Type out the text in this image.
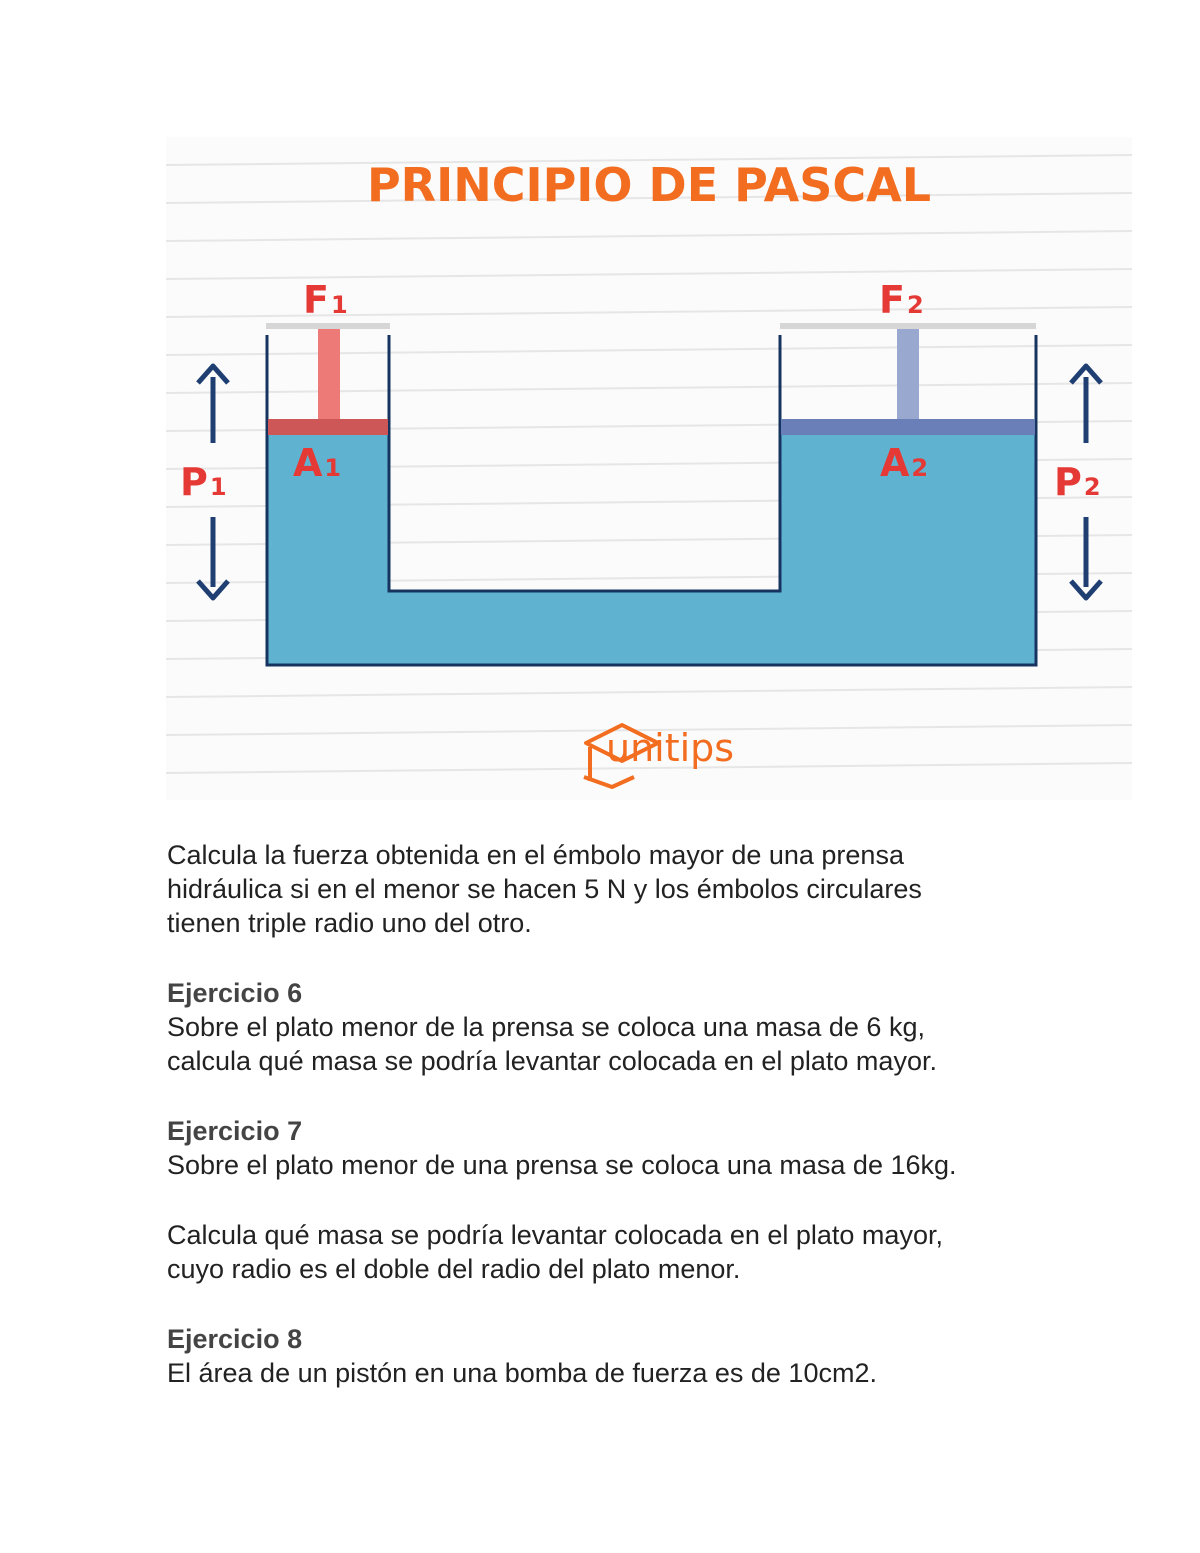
PRINCIPIO DE PASCAL
F1	F2
A1	A2
P1	P2
unitips

Calcula la fuerza obtenida en el émbolo mayor de una prensa
hidráulica si en el menor se hacen 5 N y los émbolos circulares
tienen triple radio uno del otro.

Ejercicio 6
Sobre el plato menor de la prensa se coloca una masa de 6 kg,
calcula qué masa se podría levantar colocada en el plato mayor.

Ejercicio 7
Sobre el plato menor de una prensa se coloca una masa de 16kg.

Calcula qué masa se podría levantar colocada en el plato mayor,
cuyo radio es el doble del radio del plato menor.

Ejercicio 8
El área de un pistón en una bomba de fuerza es de 10cm2.
